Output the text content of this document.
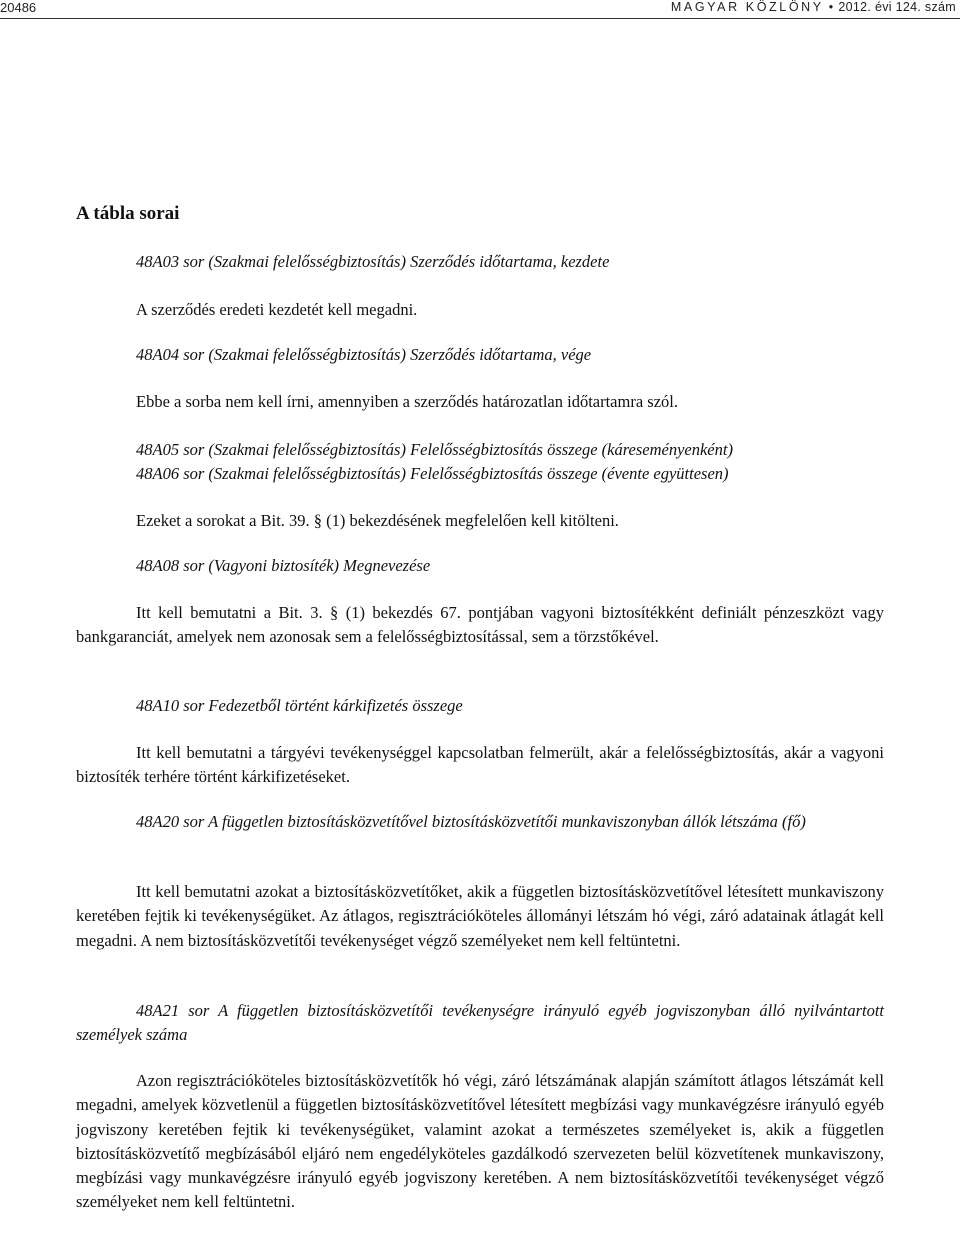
20486	MAGYAR KÖZLÖNY • 2012. évi 124. szám
A tábla sorai

48A03 sor (Szakmai felelősségbiztosítás) Szerződés időtartama, kezdete

A szerződés eredeti kezdetét kell megadni.

48A04 sor (Szakmai felelősségbiztosítás) Szerződés időtartama, vége

Ebbe a sorba nem kell írni, amennyiben a szerződés határozatlan időtartamra szól.

48A05 sor (Szakmai felelősségbiztosítás) Felelősségbiztosítás összege (káreseményenként)

48A06 sor (Szakmai felelősségbiztosítás) Felelősségbiztosítás összege (évente együttesen)

Ezeket a sorokat a Bit. 39. § (1) bekezdésének megfelelően kell kitölteni.

48A08 sor (Vagyoni biztosíték) Megnevezése

Itt kell bemutatni a Bit. 3. § (1) bekezdés 67. pontjában vagyoni biztosítékként definiált pénzeszközt vagy bankgaranciát, amelyek nem azonosak sem a felelősségbiztosítással, sem a törzstőkével.

48A10 sor Fedezetből történt kárkifizetés összege

Itt kell bemutatni a tárgyévi tevékenységgel kapcsolatban felmerült, akár a felelősségbiztosítás, akár a vagyoni biztosíték terhére történt kárkifizetéseket.

48A20 sor A független biztosításközvetítővel biztosításközvetítői munkaviszonyban állók létszáma (fő)

Itt kell bemutatni azokat a biztosításközvetítőket, akik a független biztosításközvetítővel létesített munkaviszony keretében fejtik ki tevékenységüket. Az átlagos, regisztrációköteles állományi létszám hó végi, záró adatainak átlagát kell megadni. A nem biztosításközvetítői tevékenységet végző személyeket nem kell feltüntetni.

48A21 sor A független biztosításközvetítői tevékenységre irányuló egyéb jogviszonyban álló nyilvántartott személyek száma

Azon regisztrációköteles biztosításközvetítők hó végi, záró létszámának alapján számított átlagos létszámát kell megadni, amelyek közvetlenül a független biztosításközvetítővel létesített megbízási vagy munkavégzésre irányuló egyéb jogviszony keretében fejtik ki tevékenységüket, valamint azokat a természetes személyeket is, akik a független biztosításközvetítő megbízásából eljáró nem engedélyköteles gazdálkodó szervezeten belül közvetítenek munkaviszony, megbízási vagy munkavégzésre irányuló egyéb jogviszony keretében. A nem biztosításközvetítői tevékenységet végző személyeket nem kell feltüntetni.
